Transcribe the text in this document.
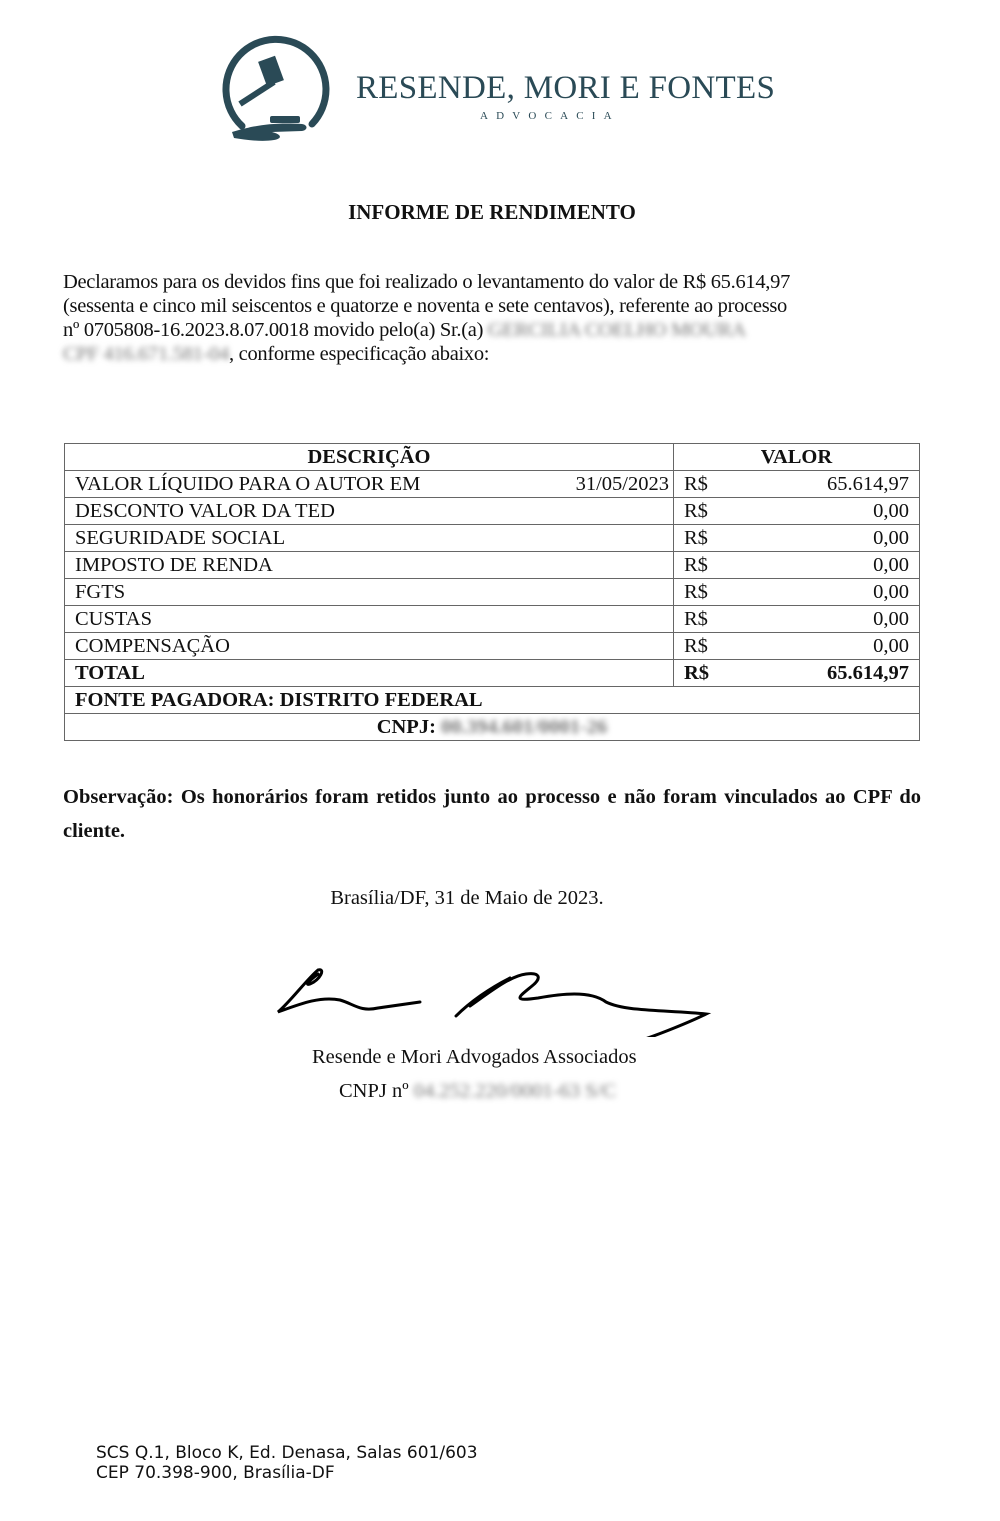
RESENDE, MORI E FONTES
ADVOCACIA
INFORME DE RENDIMENTO
Declaramos para os devidos fins que foi realizado o levantamento do valor de R$ 65.614,97
(sessenta e cinco mil seiscentos e quatorze e noventa e sete centavos), referente ao processo
nº 0705808-16.2023.8.07.0018 movido pelo(a) Sr.(a) GERCILIA COELHO MOURA
CPF 416.671.581-04, conforme especificação abaixo:
DESCRIÇÃO	VALOR
VALOR LÍQUIDO PARA O AUTOR EM 31/05/2023	R$ 65.614,97

DESCONTO VALOR DA TED	R$ 0,00

SEGURIDADE SOCIAL	R$ 0,00

IMPOSTO DE RENDA	R$ 0,00

FGTS	R$ 0,00

CUSTAS	R$ 0,00

COMPENSAÇÃO	R$ 0,00

TOTAL	R$ 65.614,97

FONTE PAGADORA: DISTRITO FEDERAL	
CNPJ: 00.394.601/0001-26	
Observação: Os honorários foram retidos junto ao processo e não foram vinculados ao CPF do cliente.
Brasília/DF, 31 de Maio de 2023.
Resende e Mori Advogados Associados
CNPJ nº 04.252.220/0001-63 S/C
SCS Q.1, Bloco K, Ed. Denasa, Salas 601/603
CEP 70.398-900, Brasília-DF
